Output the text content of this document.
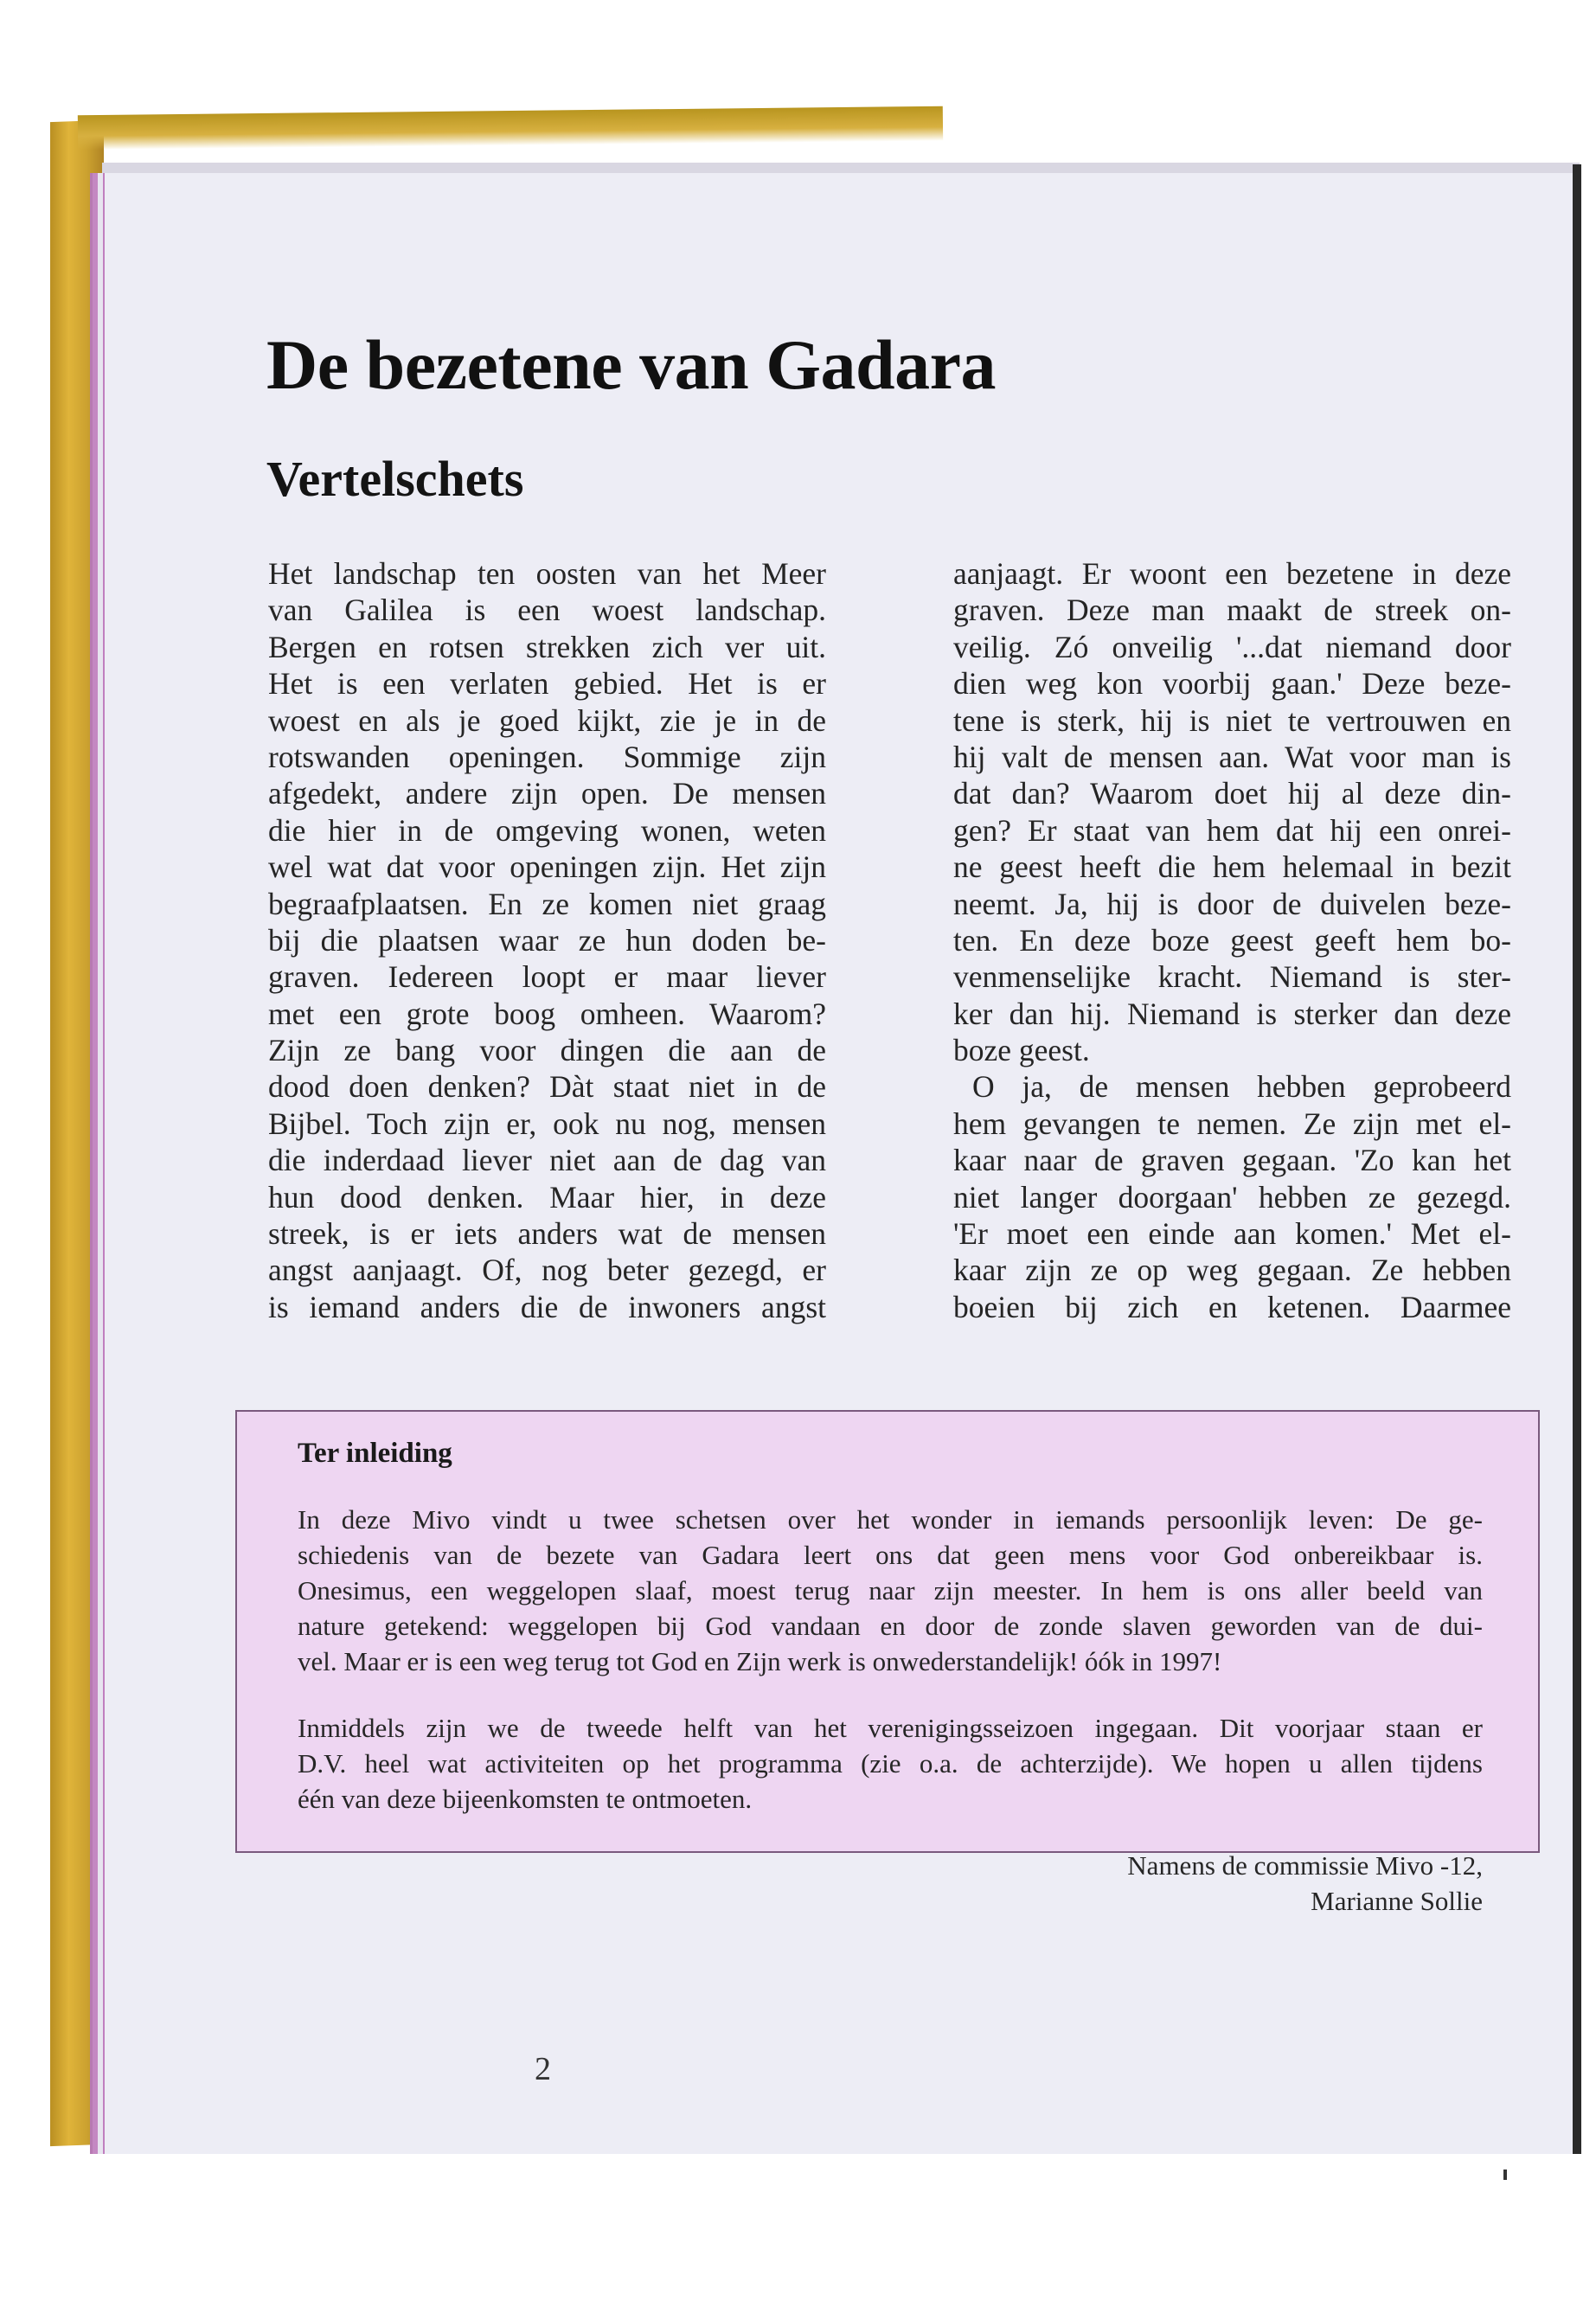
De bezetene van Gadara
Vertelschets
Het landschap ten oosten van het Meer
van Galilea is een woest landschap.
Bergen en rotsen strekken zich ver uit.
Het is een verlaten gebied. Het is er
woest en als je goed kijkt, zie je in de
rotswanden openingen. Sommige zijn
afgedekt, andere zijn open. De mensen
die hier in de omgeving wonen, weten
wel wat dat voor openingen zijn. Het zijn
begraafplaatsen. En ze komen niet graag
bij die plaatsen waar ze hun doden be-
graven. Iedereen loopt er maar liever
met een grote boog omheen. Waarom?
Zijn ze bang voor dingen die aan de
dood doen denken? Dàt staat niet in de
Bijbel. Toch zijn er, ook nu nog, mensen
die inderdaad liever niet aan de dag van
hun dood denken. Maar hier, in deze
streek, is er iets anders wat de mensen
angst aanjaagt. Of, nog beter gezegd, er
is iemand anders die de inwoners angst
aanjaagt. Er woont een bezetene in deze
graven. Deze man maakt de streek on-
veilig. Zó onveilig '...dat niemand door
dien weg kon voorbij gaan.' Deze beze-
tene is sterk, hij is niet te vertrouwen en
hij valt de mensen aan. Wat voor man is
dat dan? Waarom doet hij al deze din-
gen? Er staat van hem dat hij een onrei-
ne geest heeft die hem helemaal in bezit
neemt. Ja, hij is door de duivelen beze-
ten. En deze boze geest geeft hem bo-
venmenselijke kracht. Niemand is ster-
ker dan hij. Niemand is sterker dan deze
boze geest.
O ja, de mensen hebben geprobeerd
hem gevangen te nemen. Ze zijn met el-
kaar naar de graven gegaan. 'Zo kan het
niet langer doorgaan' hebben ze gezegd.
'Er moet een einde aan komen.' Met el-
kaar zijn ze op weg gegaan. Ze hebben
boeien bij zich en ketenen. Daarmee
Ter inleiding
In deze Mivo vindt u twee schetsen over het wonder in iemands persoonlijk leven: De ge-
schiedenis van de bezete van Gadara leert ons dat geen mens voor God onbereikbaar is.
Onesimus, een weggelopen slaaf, moest terug naar zijn meester. In hem is ons aller beeld van
nature getekend: weggelopen bij God vandaan en door de zonde slaven geworden van de dui-
vel. Maar er is een weg terug tot God en Zijn werk is onwederstandelijk! óók in 1997!
Inmiddels zijn we de tweede helft van het verenigingsseizoen ingegaan. Dit voorjaar staan er
D.V. heel wat activiteiten op het programma (zie o.a. de achterzijde). We hopen u allen tijdens
één van deze bijeenkomsten te ontmoeten.
Namens de commissie Mivo -12,
Marianne Sollie
2
